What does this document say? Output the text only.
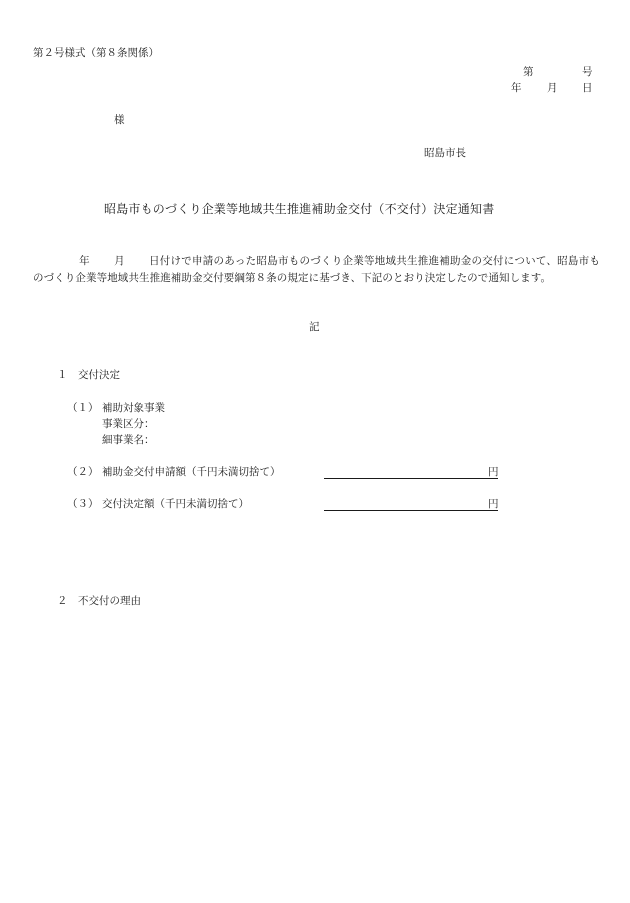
第２号様式（第８条関係）
第	号
年 月 日
様
昭島市長
昭島市ものづくり企業等地域共生推進補助金交付（不交付）決定通知書
年 月 日付けで申請のあった昭島市ものづくり企業等地域共生推進補助金の交付について、昭島市ものづくり企業等地域共生推進補助金交付要綱第８条の規定に基づき、下記のとおり決定したので通知します。
記
１　交付決定
（１） 補助対象事業
事業区分：
細事業名：
（２） 補助金交付申請額（千円未満切捨て）	円
（３） 交付決定額（千円未満切捨て）	円
２　不交付の理由
